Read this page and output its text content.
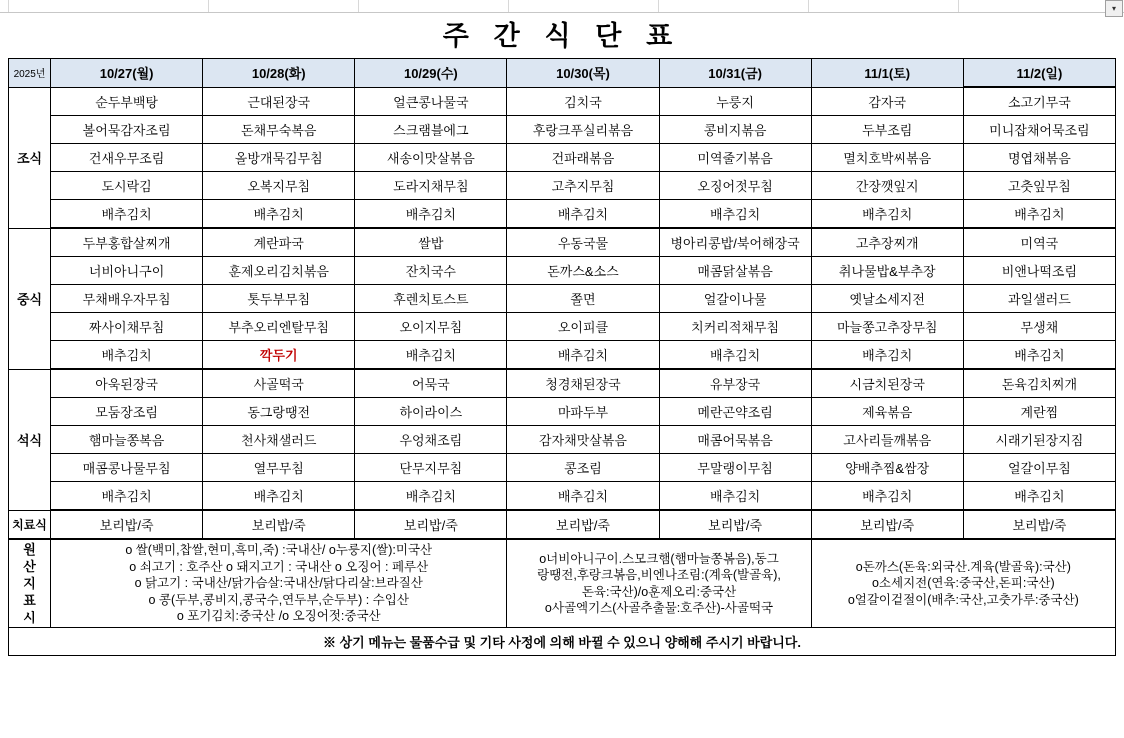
▾
주 간 식 단 표
2025년	10/27(월)	10/28(화)	10/29(수)	10/30(목)	10/31(금)	11/1(토)	11/2(일)
조식	순두부백탕	근대된장국	얼큰콩나물국	김치국	누룽지	감자국	소고기무국
	볼어묵감자조림	돈채무숙복음	스크램블에그	후랑크푸실리볶음	콩비지볶음	두부조림	미니잡채어묵조림
	건새우무조림	올방개묵김무침	새송이맛살볶음	건파래볶음	미역줄기볶음	멸치호박씨볶음	명엽채볶음
	도시락김	오복지무침	도라지채무침	고추지무침	오징어젓무침	간장깻잎지	고춧잎무침
	배추김치	배추김치	배추김치	배추김치	배추김치	배추김치	배추김치
중식	두부홍합살찌개	계란파국	쌀밥	우동국물	병아리콩밥/북어해장국	고추장찌개	미역국
	너비아니구이	훈제오리김치볶음	잔치국수	돈까스&소스	매콤닭살볶음	취나물밥&부추장	비앤나떡조림
	무채배우자무침	톳두부무침	후렌치토스트	쫄면	얼갈이나물	옛날소세지전	과일샐러드
	짜사이채무침	부추오리엔탈무침	오이지무침	오이피클	치커리적채무침	마늘쫑고추장무침	무생채
	배추김치	깍두기	배추김치	배추김치	배추김치	배추김치	배추김치
석식	아욱된장국	사골떡국	어묵국	청경채된장국	유부장국	시금치된장국	돈육김치찌개
	모둠장조림	동그랑땡전	하이라이스	마파두부	메란곤약조림	제육볶음	계란찜
	햄마늘쫑복음	천사채샐러드	우엉채조림	감자채맛살볶음	매콤어묵볶음	고사리들깨볶음	시래기된장지짐
	매콤콩나물무침	열무무침	단무지무침	콩조림	무말랭이무침	양배추찜&쌈장	얼갈이무침
	배추김치	배추김치	배추김치	배추김치	배추김치	배추김치	배추김치
치료식	보리밥/죽	보리밥/죽	보리밥/죽	보리밥/죽	보리밥/죽	보리밥/죽	보리밥/죽

원
산
지
표
시

o 쌀(백미,찹쌀,현미,흑미,죽) :국내산/ o누룽지(쌀):미국산
o 쇠고기 : 호주산 o 돼지고기 : 국내산 o 오징어 : 페루산
o 닭고기 : 국내산/닭가슴살:국내산/닭다리살:브라질산
o 콩(두부,콩비지,콩국수,연두부,순두부) : 수입산
o 포기김치:중국산 /o 오징어젓:중국산

o너비아니구이.스모크햄(햄마늘쫑볶음),동그
랑땡전,후랑크볶음,비엔나조림:(계육(발골육),
돈육:국산)/o훈제오리:중국산
o사골엑기스(사골추출물:호주산)-사골떡국

o돈까스(돈육:외국산.계육(발골육):국산)
o소세지전(연육:중국산,돈피:국산)
o얼갈이겉절이(배추:국산,고춧가루:중국산)

※ 상기 메뉴는 물품수급 및 기타 사정에 의해 바뀔 수 있으니 양해해 주시기 바랍니다.							
